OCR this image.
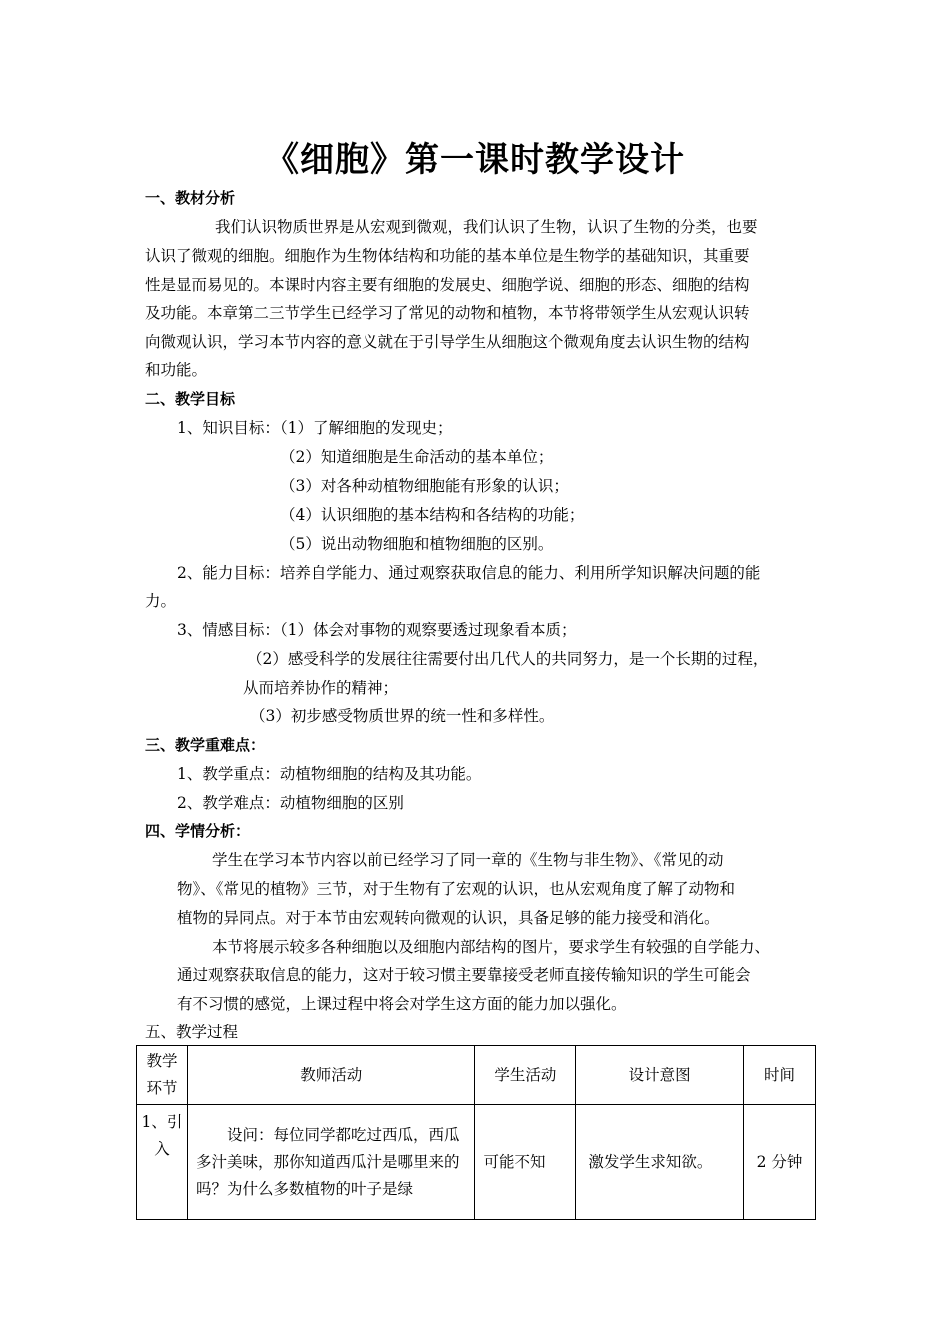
《细胞》第一课时教学设计
一、教材分析
我们认识物质世界是从宏观到微观，我们认识了生物，认识了生物的分类，也要
认识了微观的细胞。细胞作为生物体结构和功能的基本单位是生物学的基础知识，其重要
性是显而易见的。本课时内容主要有细胞的发展史、细胞学说、细胞的形态、细胞的结构
及功能。本章第二三节学生已经学习了常见的动物和植物，本节将带领学生从宏观认识转
向微观认识，学习本节内容的意义就在于引导学生从细胞这个微观角度去认识生物的结构
和功能。
二、教学目标
1、知识目标：（1）了解细胞的发现史；
（2）知道细胞是生命活动的基本单位；
（3）对各种动植物细胞能有形象的认识；
（4）认识细胞的基本结构和各结构的功能；
（5）说出动物细胞和植物细胞的区别。
2、能力目标：培养自学能力、通过观察获取信息的能力、利用所学知识解决问题的能
力。
3、情感目标：（1）体会对事物的观察要透过现象看本质；
（2）感受科学的发展往往需要付出几代人的共同努力，是一个长期的过程，
从而培养协作的精神；
（3）初步感受物质世界的统一性和多样性。
三、教学重难点：
1、教学重点：动植物细胞的结构及其功能。
2、教学难点：动植物细胞的区别
四、学情分析：
学生在学习本节内容以前已经学习了同一章的《生物与非生物》、《常见的动
物》、《常见的植物》三节，对于生物有了宏观的认识，也从宏观角度了解了动物和
植物的异同点。对于本节由宏观转向微观的认识，具备足够的能力接受和消化。
本节将展示较多各种细胞以及细胞内部结构的图片，要求学生有较强的自学能力、
通过观察获取信息的能力，这对于较习惯主要靠接受老师直接传输知识的学生可能会
有不习惯的感觉，上课过程中将会对学生这方面的能力加以强化。
五、教学过程
教学环节	教师活动	学生活动	设计意图	时间
1、引入	设问：每位同学都吃过西瓜，西瓜多汁美味，那你知道西瓜汁是哪里来的吗？为什么多数植物的叶子是绿	可能不知	激发学生求知欲。	2 分钟
